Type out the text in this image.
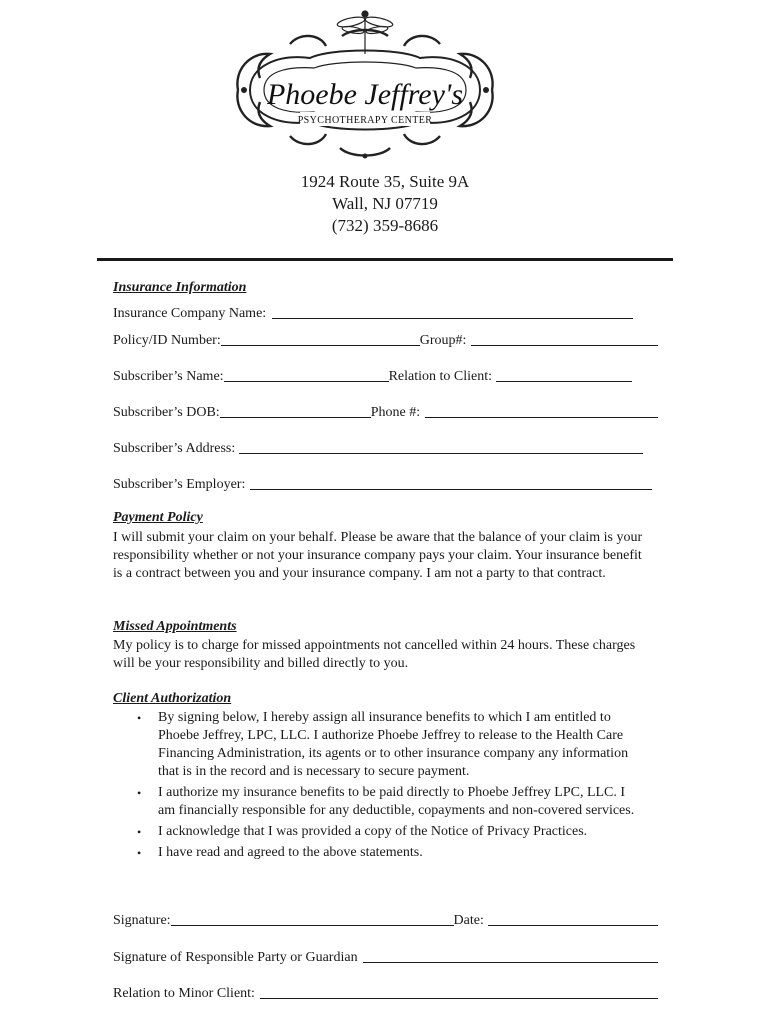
Phoebe Jeffrey's
PSYCHOTHERAPY CENTER
1924 Route 35, Suite 9A
Wall, NJ 07719
(732) 359-8686
Insurance Information
Insurance Company Name:
Policy/ID Number:	Group#:
Subscriber’s Name:	Relation to Client:
Subscriber’s DOB:	Phone #:
Subscriber’s Address:
Subscriber’s Employer:
Payment Policy
I will submit your claim on your behalf. Please be aware that the balance of your claim is your responsibility whether or not your insurance company pays your claim. Your insurance benefit is a contract between you and your insurance company. I am not a party to that contract.
Missed Appointments
My policy is to charge for missed appointments not cancelled within 24 hours. These charges will be your responsibility and billed directly to you.
Client Authorization
• By signing below, I hereby assign all insurance benefits to which I am entitled to Phoebe Jeffrey, LPC, LLC. I authorize Phoebe Jeffrey to release to the Health Care Financing Administration, its agents or to other insurance company any information that is in the record and is necessary to secure payment.
• I authorize my insurance benefits to be paid directly to Phoebe Jeffrey LPC, LLC. I am financially responsible for any deductible, copayments and non-covered services.
• I acknowledge that I was provided a copy of the Notice of Privacy Practices.
• I have read and agreed to the above statements.
Signature:	Date:
Signature of Responsible Party or Guardian
Relation to Minor Client:
